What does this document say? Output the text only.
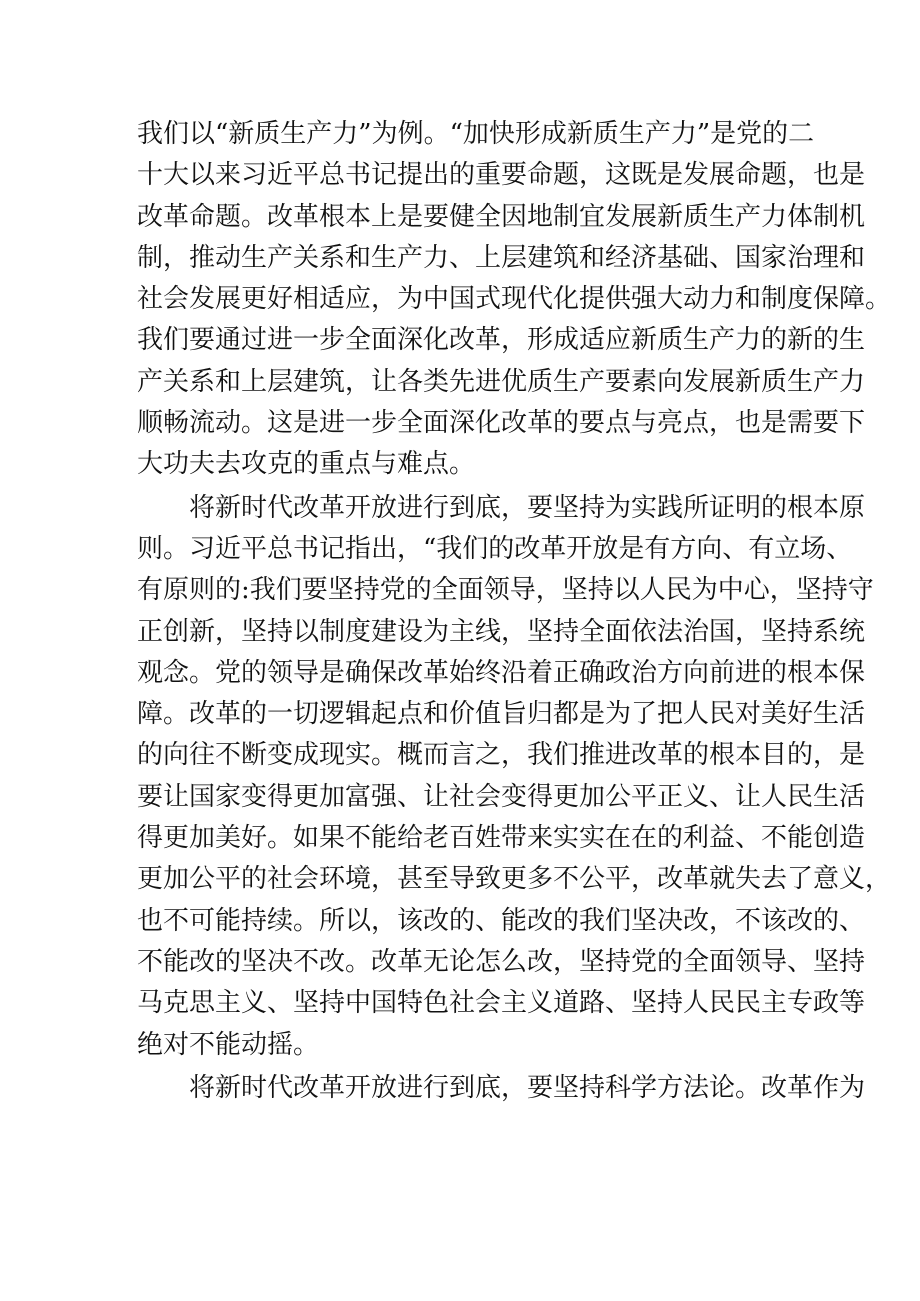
我们以“新质生产力”为例。“加快形成新质生产力”是党的二
十大以来习近平总书记提出的重要命题，这既是发展命题，也是
改革命题。改革根本上是要健全因地制宜发展新质生产力体制机
制，推动生产关系和生产力、上层建筑和经济基础、国家治理和
社会发展更好相适应，为中国式现代化提供强大动力和制度保障。
我们要通过进一步全面深化改革，形成适应新质生产力的新的生
产关系和上层建筑，让各类先进优质生产要素向发展新质生产力
顺畅流动。这是进一步全面深化改革的要点与亮点，也是需要下
大功夫去攻克的重点与难点。
　　将新时代改革开放进行到底，要坚持为实践所证明的根本原
则。习近平总书记指出，“我们的改革开放是有方向、有立场、
有原则的:我们要坚持党的全面领导，坚持以人民为中心，坚持守
正创新，坚持以制度建设为主线，坚持全面依法治国，坚持系统
观念。党的领导是确保改革始终沿着正确政治方向前进的根本保
障。改革的一切逻辑起点和价值旨归都是为了把人民对美好生活
的向往不断变成现实。概而言之，我们推进改革的根本目的，是
要让国家变得更加富强、让社会变得更加公平正义、让人民生活
得更加美好。如果不能给老百姓带来实实在在的利益、不能创造
更加公平的社会环境，甚至导致更多不公平，改革就失去了意义，
也不可能持续。所以，该改的、能改的我们坚决改，不该改的、
不能改的坚决不改。改革无论怎么改，坚持党的全面领导、坚持
马克思主义、坚持中国特色社会主义道路、坚持人民民主专政等
绝对不能动摇。
　　将新时代改革开放进行到底，要坚持科学方法论。改革作为
